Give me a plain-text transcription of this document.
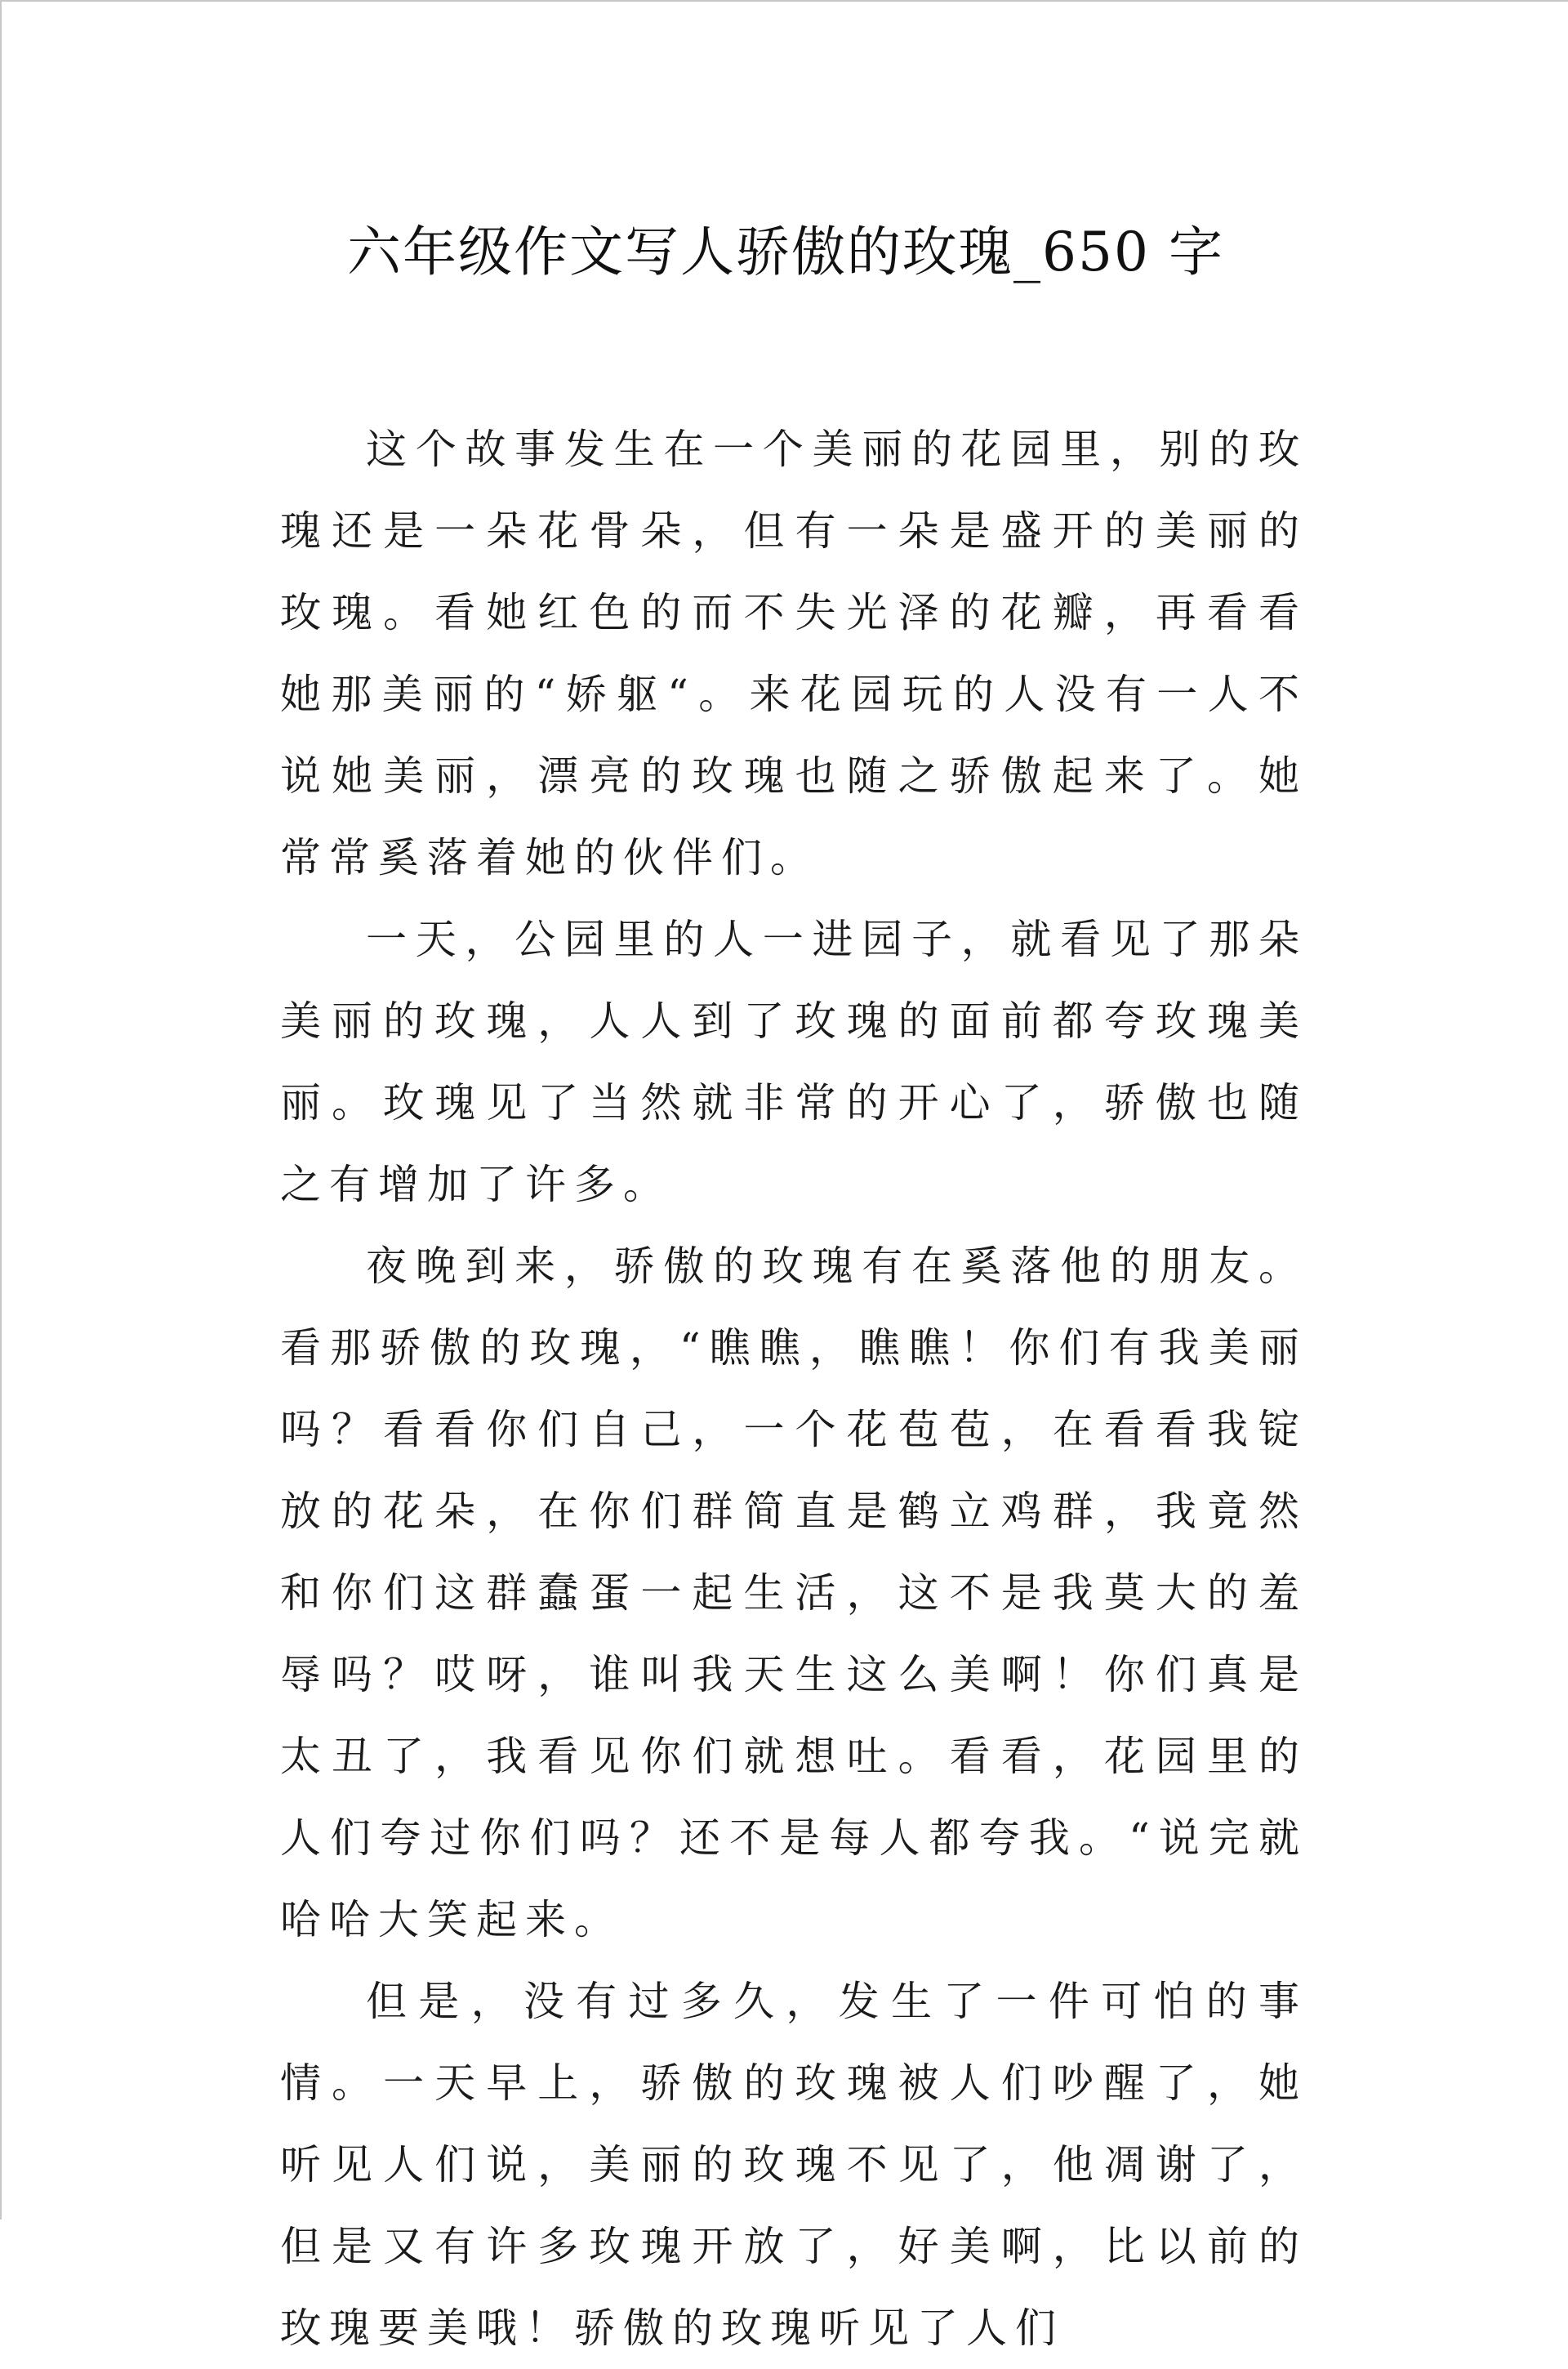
六年级作文写人骄傲的玫瑰_650 字

这个故事发生在一个美丽的花园里，别的玫瑰还是一朵花骨朵，但有一朵是盛开的美丽的玫瑰。看她红色的而不失光泽的花瓣，再看看她那美丽的“娇躯“。来花园玩的人没有一人不说她美丽，漂亮的玫瑰也随之骄傲起来了。她常常奚落着她的伙伴们。

一天，公园里的人一进园子，就看见了那朵美丽的玫瑰，人人到了玫瑰的面前都夸玫瑰美丽。玫瑰见了当然就非常的开心了，骄傲也随之有增加了许多。

夜晚到来，骄傲的玫瑰有在奚落他的朋友。看那骄傲的玫瑰，“瞧瞧，瞧瞧！你们有我美丽吗？看看你们自己，一个花苞苞，在看看我锭放的花朵，在你们群简直是鹤立鸡群，我竟然和你们这群蠢蛋一起生活，这不是我莫大的羞辱吗？哎呀，谁叫我天生这么美啊！你们真是太丑了，我看见你们就想吐。看看，花园里的人们夸过你们吗？还不是每人都夸我。“说完就哈哈大笑起来。

但是，没有过多久，发生了一件可怕的事情。一天早上，骄傲的玫瑰被人们吵醒了，她听见人们说，美丽的玫瑰不见了，他凋谢了，但是又有许多玫瑰开放了，好美啊，比以前的玫瑰要美哦！骄傲的玫瑰听见了人们
